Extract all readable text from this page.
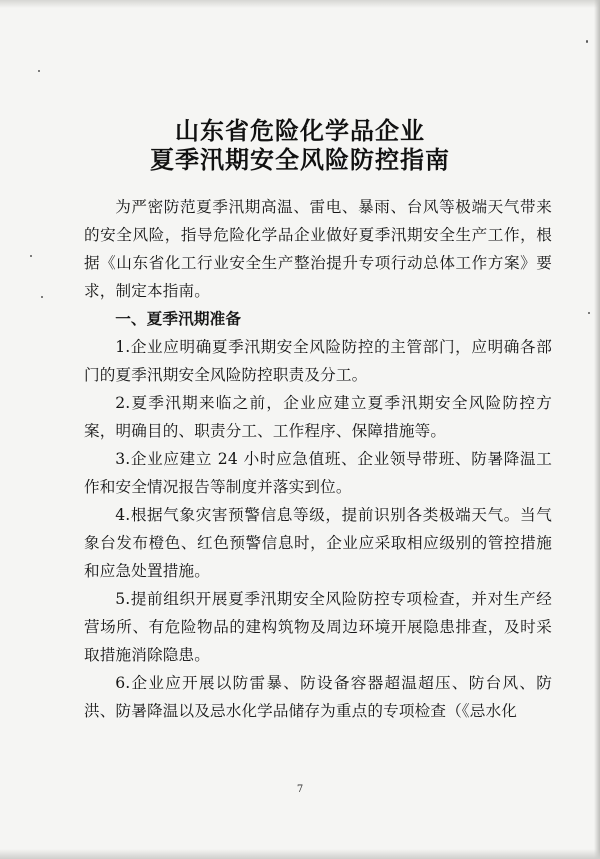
山东省危险化学品企业
夏季汛期安全风险防控指南

为严密防范夏季汛期高温、雷电、暴雨、台风等极端天气带来的安全风险，指导危险化学品企业做好夏季汛期安全生产工作，根据《山东省化工行业安全生产整治提升专项行动总体工作方案》要求，制定本指南。

一、夏季汛期准备

1.企业应明确夏季汛期安全风险防控的主管部门，应明确各部门的夏季汛期安全风险防控职责及分工。

2.夏季汛期来临之前，企业应建立夏季汛期安全风险防控方案，明确目的、职责分工、工作程序、保障措施等。

3.企业应建立 24 小时应急值班、企业领导带班、防暑降温工作和安全情况报告等制度并落实到位。

4.根据气象灾害预警信息等级，提前识别各类极端天气。当气象台发布橙色、红色预警信息时，企业应采取相应级别的管控措施和应急处置措施。

5.提前组织开展夏季汛期安全风险防控专项检查，并对生产经营场所、有危险物品的建构筑物及周边环境开展隐患排查，及时采取措施消除隐患。

6.企业应开展以防雷暴、防设备容器超温超压、防台风、防洪、防暑降温以及忌水化学品储存为重点的专项检查（《忌水化

7
